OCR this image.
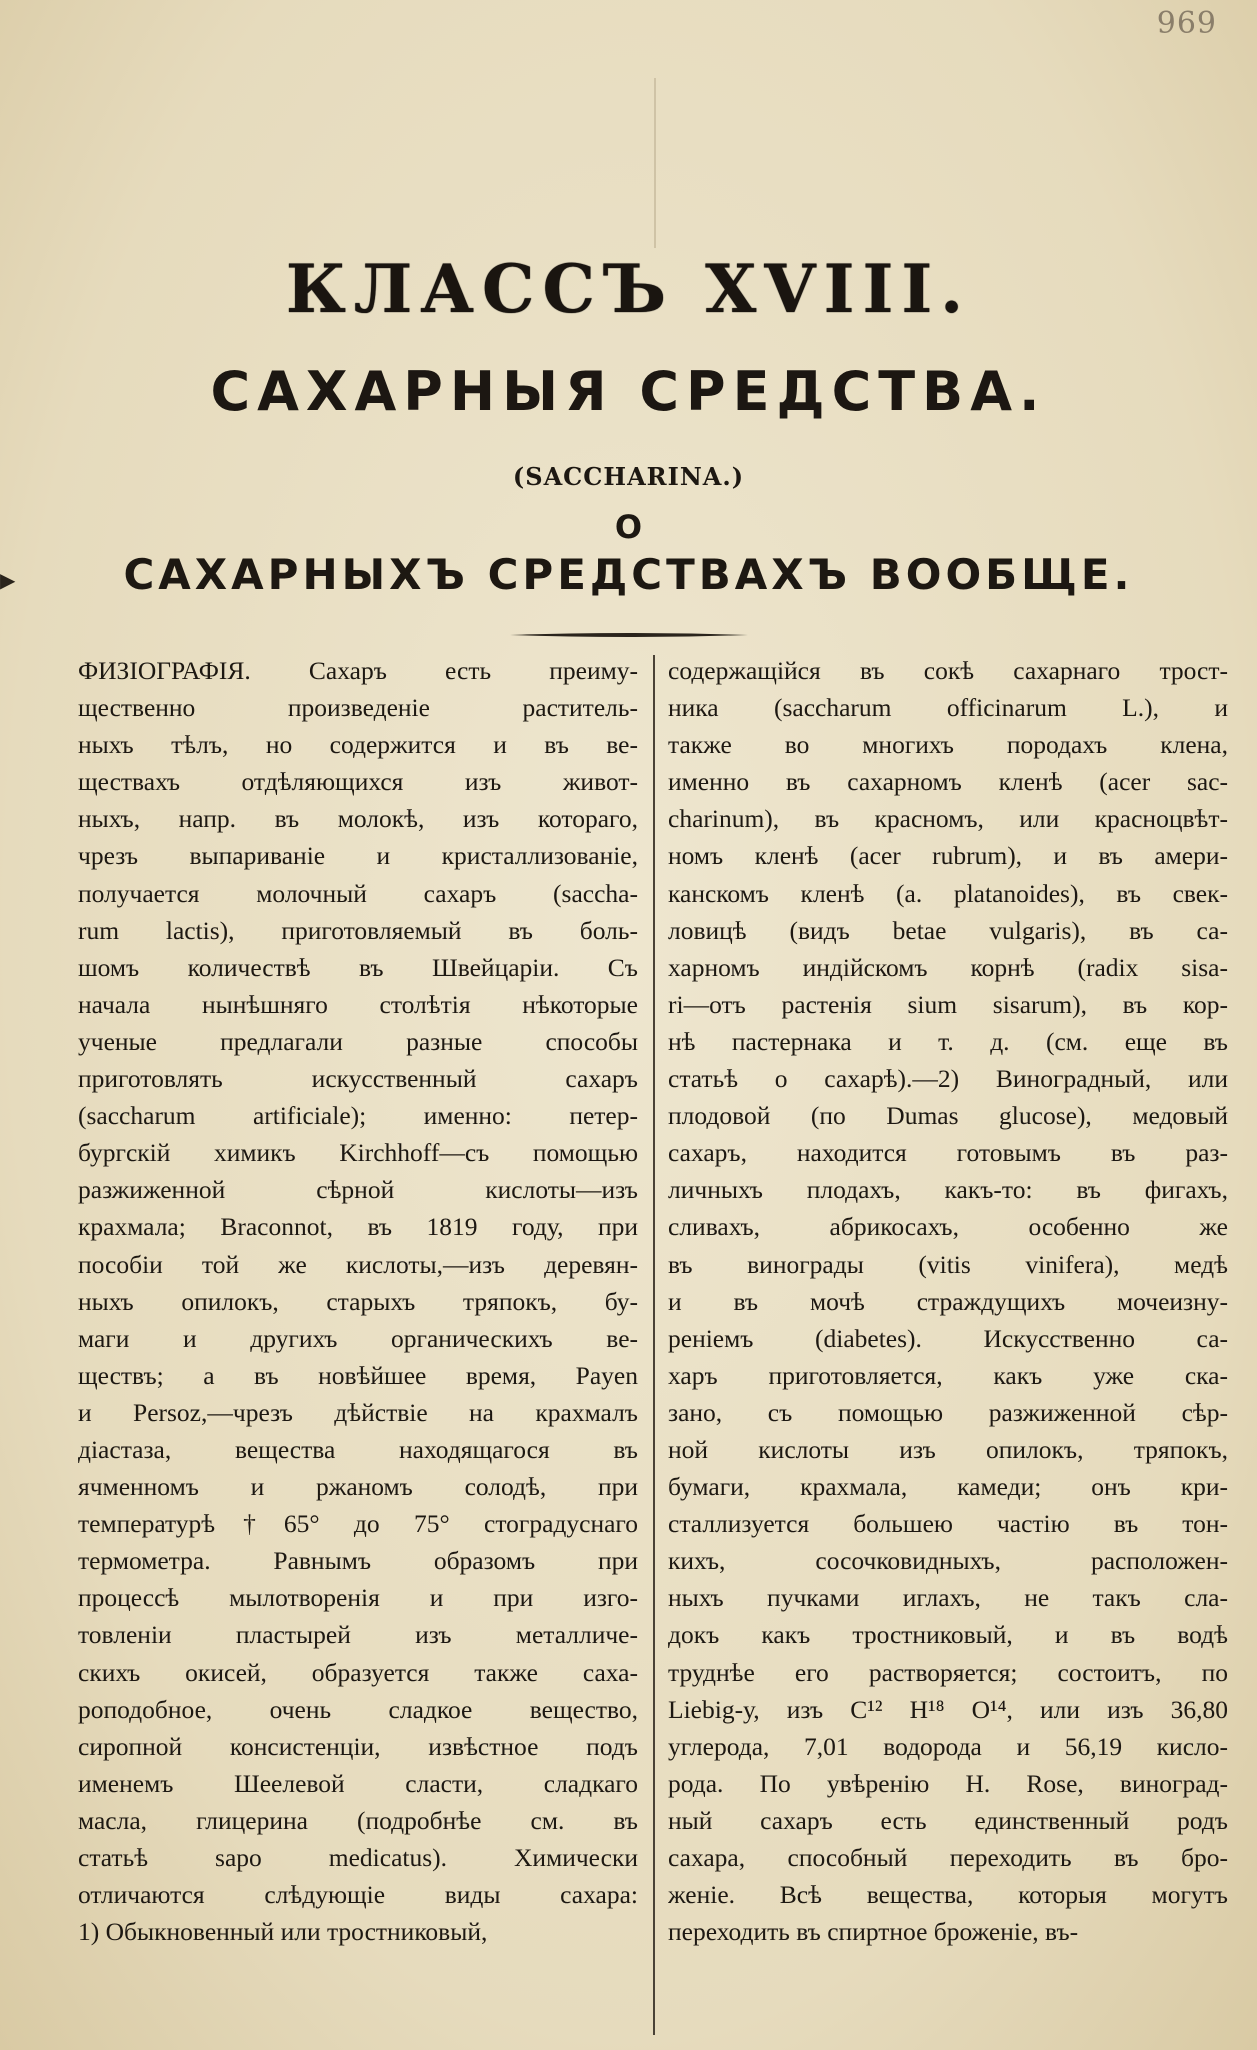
969
▶
КЛАССЪ XVIII.
САХАРНЫЯ СРЕДСТВА.
(SACCHARINA.)
О
САХАРНЫХЪ СРЕДСТВАХЪ ВООБЩЕ.
ФИЗІОГРАФІЯ. Сахаръ есть преиму-
щественно произведеніе раститель-
ныхъ тѣлъ, но содержится и въ ве-
ществахъ отдѣляющихся изъ живот-
ныхъ, напр. въ молокѣ, изъ котораго,
чрезъ выпариваніе и кристаллизованіе,
получается молочный сахаръ (saccha-
rum lactis), приготовляемый въ боль-
шомъ количествѣ въ Швейцаріи. Съ
начала нынѣшняго столѣтія нѣкоторые
ученые предлагали разные способы
приготовлять искусственный сахаръ
(saccharum artificiale); именно: петер-
бургскій химикъ Kirchhoff—съ помощью
разжиженной сѣрной кислоты—изъ
крахмала; Braconnot, въ 1819 году, при
пособіи той же кислоты,—изъ деревян-
ныхъ опилокъ, старыхъ тряпокъ, бу-
маги и другихъ органическихъ ве-
ществъ; а въ новѣйшее время, Payen
и Persoz,—чрезъ дѣйствіе на крахмалъ
діастаза, вещества находящагося въ
ячменномъ и ржаномъ солодѣ, при
температурѣ†65° до 75° стоградуснаго
термометра. Равнымъ образомъ при
процессѣ мылотворенія и при изго-
товленіи пластырей изъ металличе-
скихъ окисей, образуется также саха-
роподобное, очень сладкое вещество,
сиропной консистенціи, извѣстное подъ
именемъ Шеелевой сласти, сладкаго
масла, глицерина (подробнѣе см. въ
статьѣ sapo medicatus). Химически
отличаются слѣдующіе виды сахара:
1) Обыкновенный или тростниковый,
содержащійся въ сокѣ сахарнаго трост-
ника (saccharum officinarum L.), и
также во многихъ породахъ клена,
именно въ сахарномъ кленѣ (acer sac-
charinum), въ красномъ, или красноцвѣт-
номъ кленѣ (acer rubrum), и въ амери-
канскомъ кленѣ (a. platanoides), въ свек-
ловицѣ (видъ betae vulgaris), въ са-
харномъ индійскомъ корнѣ (radix sisa-
ri—отъ растенія sium sisarum), въ кор-
нѣ пастернака и т. д. (см. еще въ
статьѣ о сахарѣ).—2) Виноградный, или
плодовой (по Dumas glucose), медовый
сахаръ, находится готовымъ въ раз-
личныхъ плодахъ, какъ-то: въ фигахъ,
сливахъ, абрикосахъ, особенно же
въ винограды (vitis vinifera), медѣ
и въ мочѣ страждущихъ мочеизну-
реніемъ (diabetes). Искусственно са-
харъ приготовляется, какъ уже ска-
зано, съ помощью разжиженной сѣр-
ной кислоты изъ опилокъ, тряпокъ,
бумаги, крахмала, камеди; онъ кри-
сталлизуется большею частію въ тон-
кихъ, сосочковидныхъ, расположен-
ныхъ пучками иглахъ, не такъ сла-
докъ какъ тростниковый, и въ водѣ
труднѣе его растворяется; состоитъ, по
Liebig-у, изъ C¹² H¹⁸ O¹⁴, или изъ 36,80
углерода, 7,01 водорода и 56,19 кисло-
рода. По увѣренію H. Rose, виноград-
ный сахаръ есть единственный родъ
сахара, способный переходить въ бро-
женіе. Всѣ вещества, которыя могутъ
переходить въ спиртное броженіе, въ-
